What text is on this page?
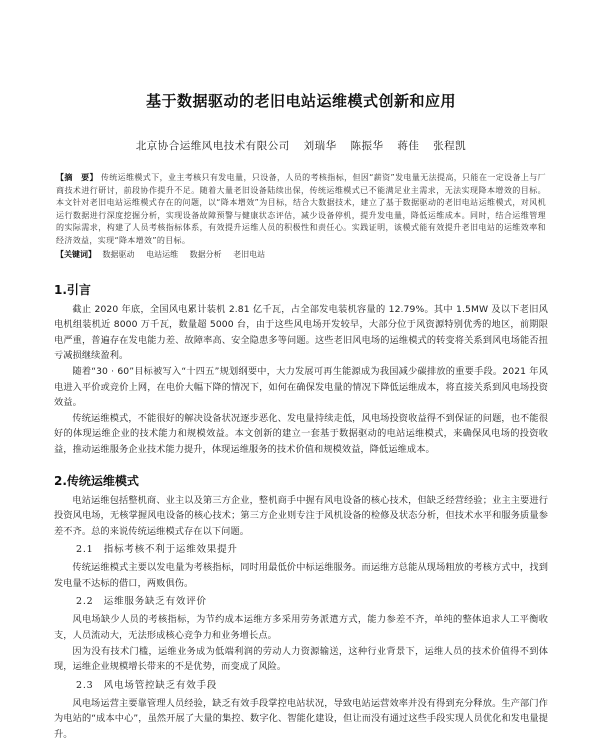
基于数据驱动的老旧电站运维模式创新和应用
北京协合运维风电技术有限公司 刘瑞华 陈振华 蒋佳 张程凯
【摘　要】 传统运维模式下，业主考核只有发电量，只设备，人员的考核指标，但因“薪资”发电量无法提高，只能在一定设备上与厂商技术进行研讨，前段协作提升不足。随着大量老旧设备陆续出保，传统运维模式已不能满足业主需求，无法实现降本增效的目标。本文针对老旧电站运维模式存在的问题，以“降本增效”为目标，结合大数据技术，建立了基于数据驱动的老旧电站运维模式，对风机运行数据进行深度挖掘分析，实现设备故障预警与健康状态评估，减少设备停机，提升发电量，降低运维成本。同时，结合运维管理的实际需求，构建了人员考核指标体系，有效提升运维人员的积极性和责任心。实践证明，该模式能有效提升老旧电站的运维效率和经济效益，实现“降本增效”的目标。
【关键词】 数据驱动 电站运维 数据分析 老旧电站
1.引言

截止 2020 年底，全国风电累计装机 2.81 亿千瓦，占全部发电装机容量的 12.79%。其中 1.5MW 及以下老旧风电机组装机近 8000 万千瓦，数量超 5000 台，由于这些风电场开发较早，大部分位于风资源特别优秀的地区，前期限电严重，普遍存在发电能力差、故障率高、安全隐患多等问题。这些老旧风电场的运维模式的转变将关系到风电场能否扭亏减损继续盈利。

随着“30 · 60”目标被写入“十四五”规划纲要中，大力发展可再生能源成为我国减少碳排放的重要手段。2021 年风电进入平价或竞价上网，在电价大幅下降的情况下，如何在确保发电量的情况下降低运维成本，将直接关系到风电场投资效益。

传统运维模式，不能很好的解决设备状况逐步恶化、发电量持续走低，风电场投资收益得不到保证的问题，也不能很好的体现运维企业的技术能力和规模效益。本文创新的建立一套基于数据驱动的电站运维模式，来确保风电场的投资收益，推动运维服务企业技术能力提升，体现运维服务的技术价值和规模效益，降低运维成本。

2.传统运维模式

电站运维包括整机商、业主以及第三方企业，整机商手中握有风电设备的核心技术，但缺乏经营经验；业主主要进行投资风电场，无核掌握风电设备的核心技术；第三方企业则专注于风机设备的检修及状态分析，但技术水平和服务质量参差不齐。总的来说传统运维模式存在以下问题。

2.1　指标考核不利于运维效果提升

传统运维模式主要以发电量为考核指标，同时用最低价中标运维服务。而运维方总能从现场粗放的考核方式中，找到发电量不达标的借口，两败俱伤。

2.2　运维服务缺乏有效评价

风电场缺少人员的考核指标，为节约成本运维方多采用劳务派遣方式，能力参差不齐，单纯的整体追求人工平衡收支，人员流动大，无法形成核心竞争力和业务增长点。

因为没有技术门槛，运维业务成为低端利润的劳动人力资源输送，这种行业背景下，运维人员的技术价值得不到体现，运维企业规模增长带来的不是优势，而变成了风险。

2.3　风电场管控缺乏有效手段

风电场运营主要靠管理人员经验，缺乏有效手段掌控电站状况，导致电站运营效率并没有得到充分释放。生产部门作为电站的“成本中心”，虽然开展了大量的集控、数字化、智能化建设，但让而没有通过这些手段实现人员优化和发电量提升。
